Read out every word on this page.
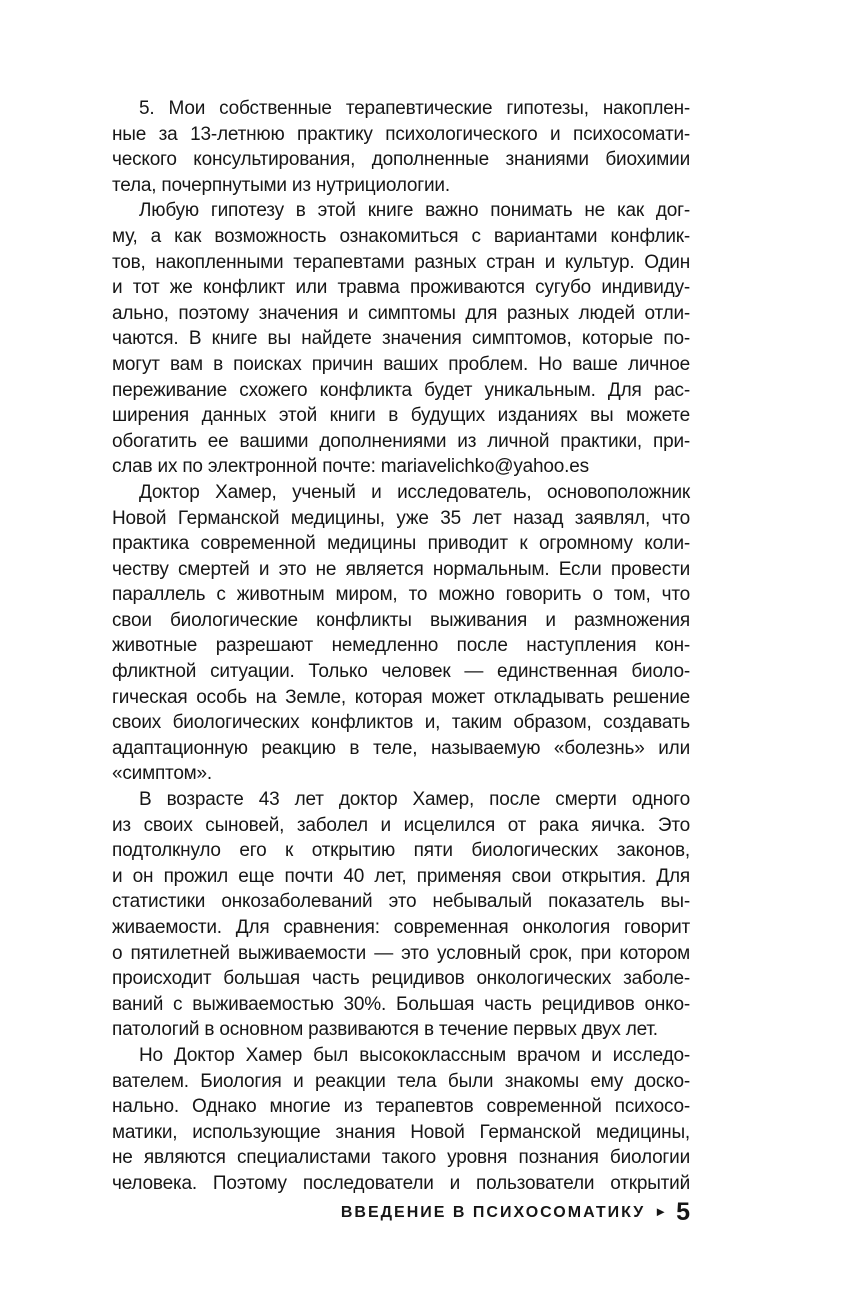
5. Мои собственные терапевтические гипотезы, накоплен-
ные за 13-летнюю практику психологического и психосомати-
ческого консультирования, дополненные знаниями биохимии
тела, почерпнутыми из нутрициологии.

Любую гипотезу в этой книге важно понимать не как дог-
му, а как возможность ознакомиться с вариантами конфлик-
тов, накопленными терапевтами разных стран и культур. Один
и тот же конфликт или травма проживаются сугубо индивиду-
ально, поэтому значения и симптомы для разных людей отли-
чаются. В книге вы найдете значения симптомов, которые по-
могут вам в поисках причин ваших проблем. Но ваше личное
переживание схожего конфликта будет уникальным. Для рас-
ширения данных этой книги в будущих изданиях вы можете
обогатить ее вашими дополнениями из личной практики, при-
слав их по электронной почте: mariavelichko@yahoo.es

Доктор Хамер, ученый и исследователь, основоположник
Новой Германской медицины, уже 35 лет назад заявлял, что
практика современной медицины приводит к огромному коли-
честву смертей и это не является нормальным. Если провести
параллель с животным миром, то можно говорить о том, что
свои биологические конфликты выживания и размножения
животные разрешают немедленно после наступления кон-
фликтной ситуации. Только человек — единственная биоло-
гическая особь на Земле, которая может откладывать решение
своих биологических конфликтов и, таким образом, создавать
адаптационную реакцию в теле, называемую «болезнь» или
«симптом».

В возрасте 43 лет доктор Хамер, после смерти одного
из своих сыновей, заболел и исцелился от рака яичка. Это
подтолкнуло его к открытию пяти биологических законов,
и он прожил еще почти 40 лет, применяя свои открытия. Для
статистики онкозаболеваний это небывалый показатель вы-
живаемости. Для сравнения: современная онкология говорит
о пятилетней выживаемости — это условный срок, при котором
происходит большая часть рецидивов онкологических заболе-
ваний с выживаемостью 30%. Большая часть рецидивов онко-
патологий в основном развиваются в течение первых двух лет.

Но Доктор Хамер был высококлассным врачом и исследо-
вателем. Биология и реакции тела были знакомы ему доско-
нально. Однако многие из терапевтов современной психосо-
матики, использующие знания Новой Германской медицины,
не являются специалистами такого уровня познания биологии
человека. Поэтому последователи и пользователи открытий

ВВЕДЕНИЕ В ПСИХОСОМАТИКУ ► 5
